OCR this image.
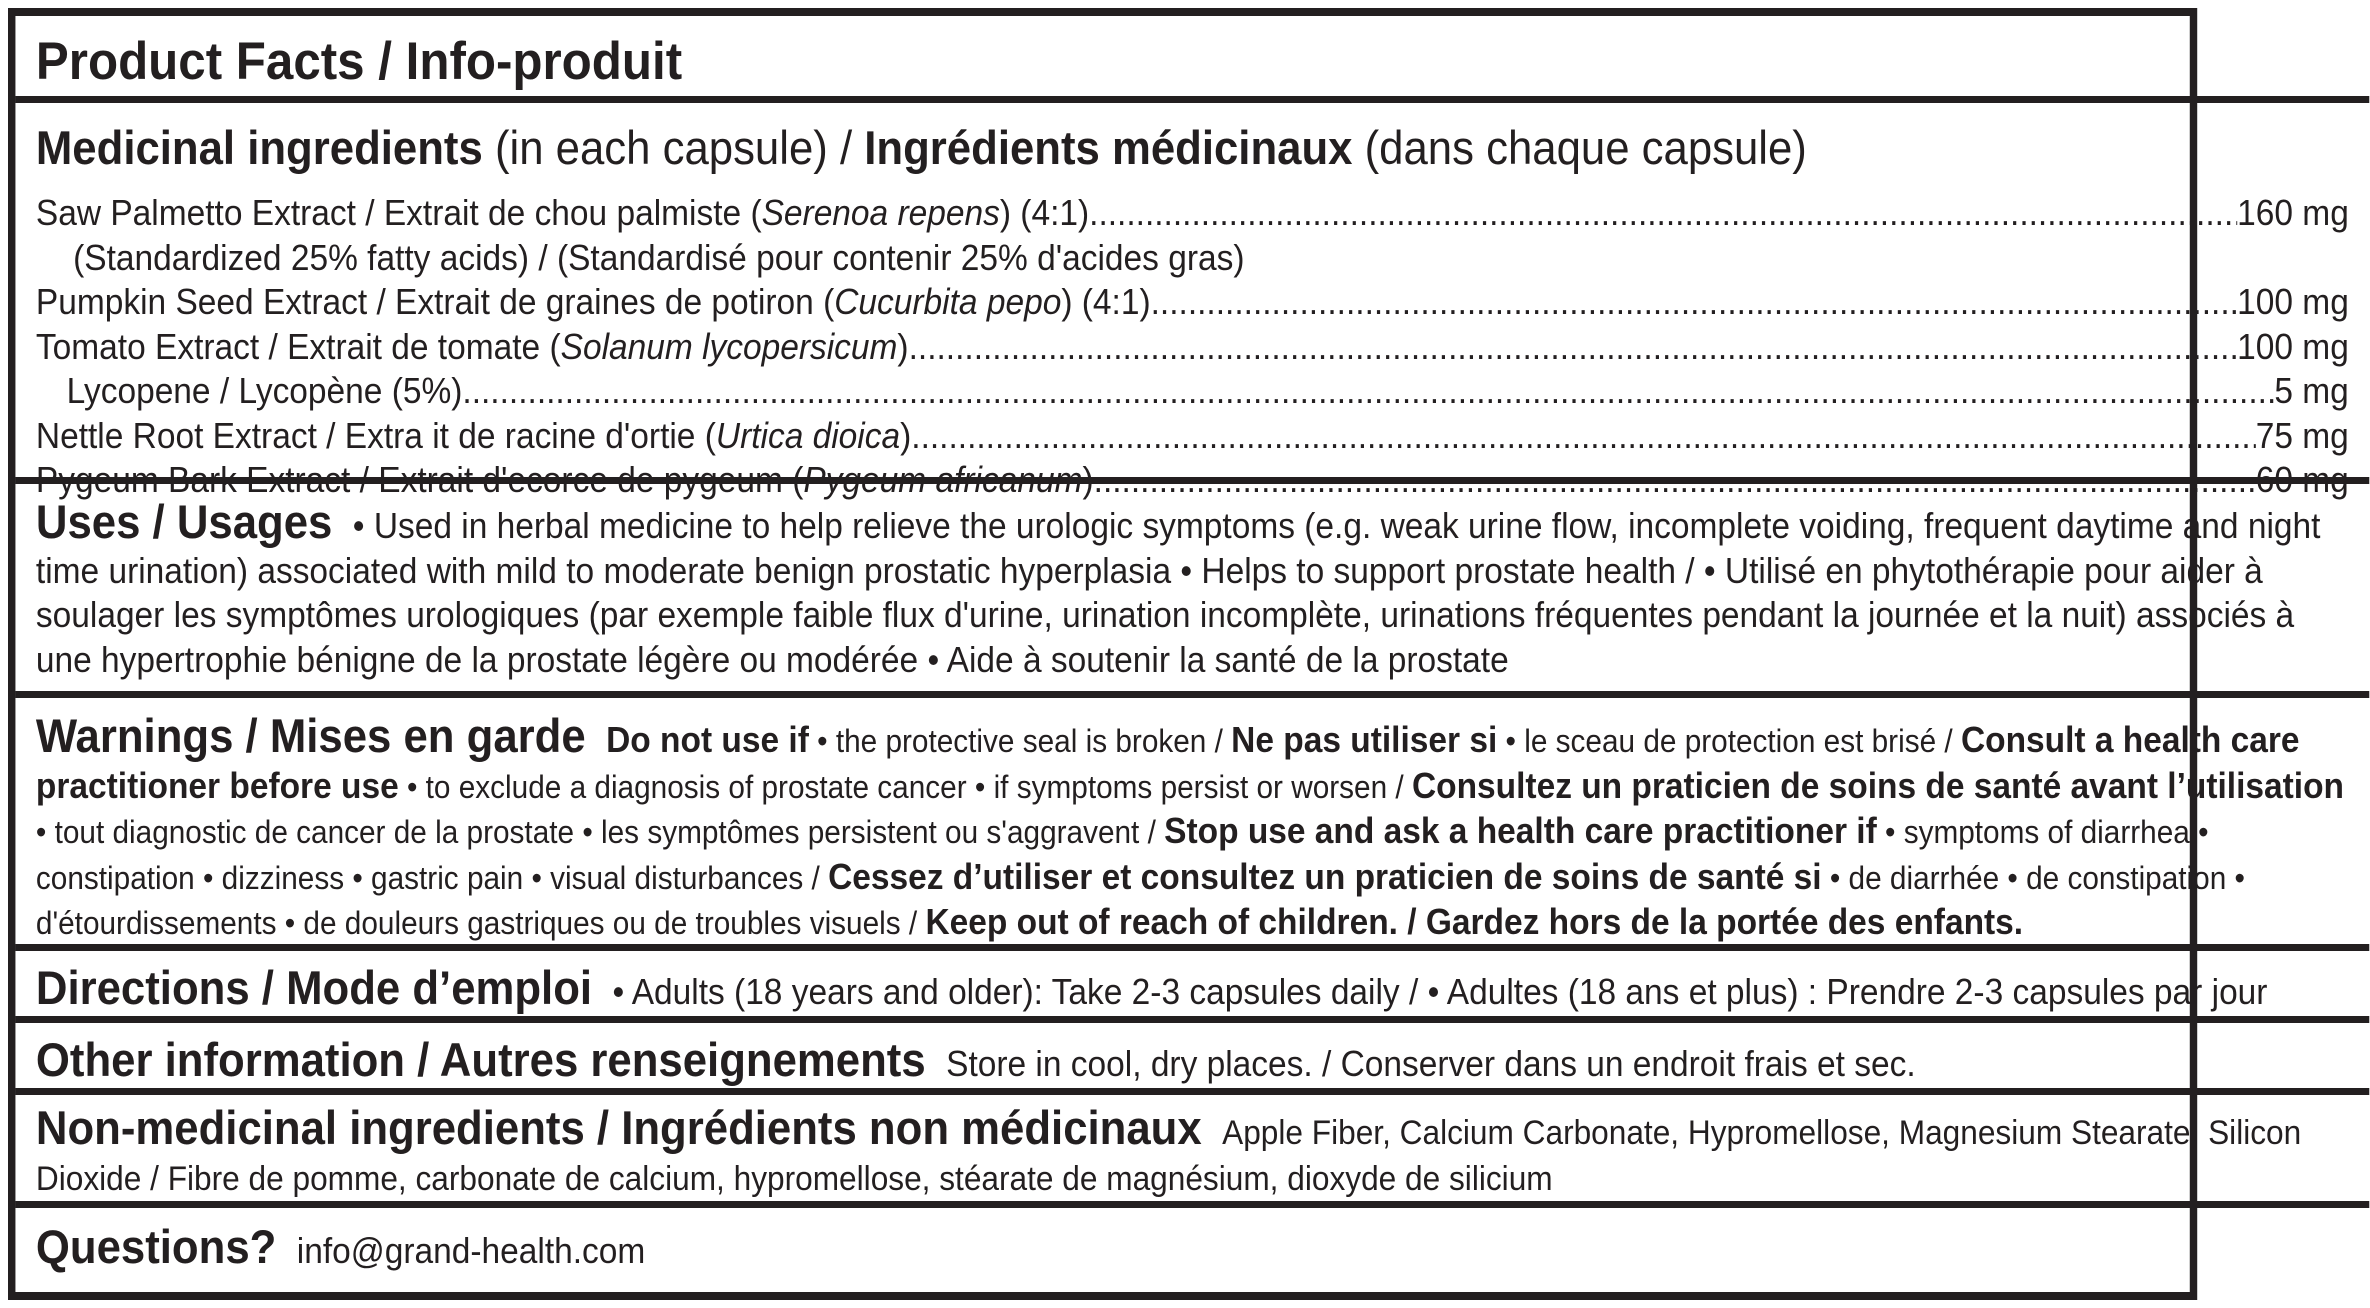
Product Facts / Info-produit
Medicinal ingredients (in each capsule) / Ingrédients médicinaux (dans chaque capsule)
Saw Palmetto Extract / Extrait de chou palmiste (Serenoa repens) (4:1) .....	160 mg
(Standardized 25% fatty acids) / (Standardisé pour contenir 25% d'acides gras)
Pumpkin Seed Extract / Extrait de graines de potiron (Cucurbita pepo) (4:1) .....	100 mg
Tomato Extract / Extrait de tomate (Solanum lycopersicum) .....	100 mg
Lycopene / Lycopène (5%) .....	5 mg
Nettle Root Extract / Extra it de racine d'ortie (Urtica dioica) .....	75 mg
Pygeum Bark Extract / Extrait d'ecorce de pygeum (Pygeum africanum) .....	60 mg

Uses / Usages • Used in herbal medicine to help relieve the urologic symptoms (e.g. weak urine flow, incomplete voiding, frequent daytime and night time urination) associated with mild to moderate benign prostatic hyperplasia • Helps to support prostate health / • Utilisé en phytothérapie pour aider à soulager les symptômes urologiques (par exemple faible flux d'urine, urination incomplète, urinations fréquentes pendant la journée et la nuit) associés à une hypertrophie bénigne de la prostate légère ou modérée • Aide à soutenir la santé de la prostate

Warnings / Mises en garde Do not use if • the protective seal is broken / Ne pas utiliser si • le sceau de protection est brisé / Consult a health care practitioner before use • to exclude a diagnosis of prostate cancer • if symptoms persist or worsen / Consultez un praticien de soins de santé avant l’utilisation • tout diagnostic de cancer de la prostate • les symptômes persistent ou s'aggravent / Stop use and ask a health care practitioner if • symptoms of diarrhea • constipation • dizziness • gastric pain • visual disturbances / Cessez d’utiliser et consultez un praticien de soins de santé si • de diarrhée • de constipation • d'étourdissements • de douleurs gastriques ou de troubles visuels / Keep out of reach of children. / Gardez hors de la portée des enfants.

Directions / Mode d’emploi • Adults (18 years and older): Take 2-3 capsules daily / • Adultes (18 ans et plus) : Prendre 2-3 capsules par jour
Other information / Autres renseignements Store in cool, dry places. / Conserver dans un endroit frais et sec.

Non-medicinal ingredients / Ingrédients non médicinaux Apple Fiber, Calcium Carbonate, Hypromellose, Magnesium Stearate, Silicon Dioxide / Fibre de pomme, carbonate de calcium, hypromellose, stéarate de magnésium, dioxyde de silicium

Questions? info@grand-health.com
